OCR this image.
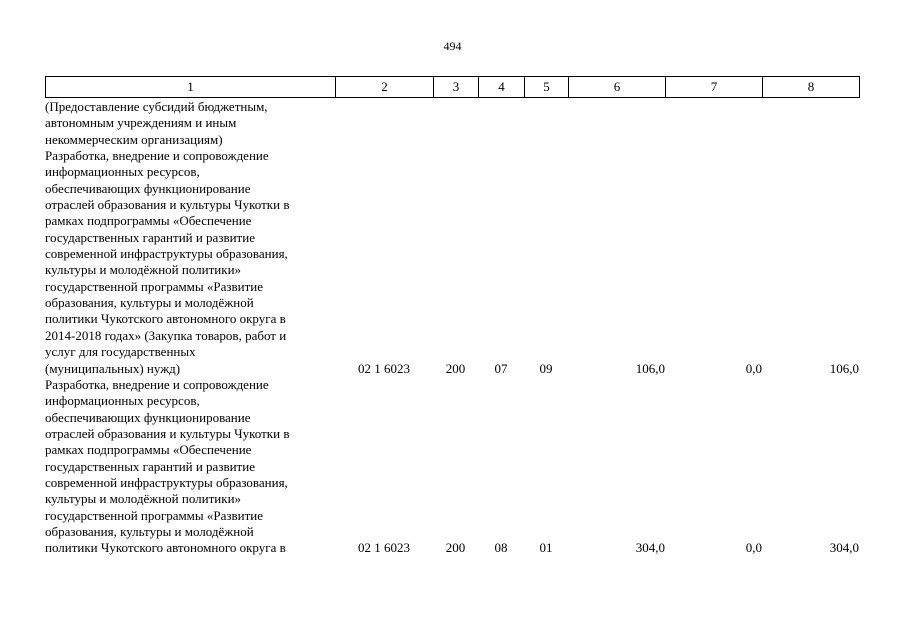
494
1	2	3	4	5	6	7	8
(Предоставление субсидий бюджетным,
автономным учреждениям и иным
некоммерческим организациям)
Разработка, внедрение и сопровождение
информационных ресурсов,
обеспечивающих функционирование
отраслей образования и культуры Чукотки в
рамках подпрограммы «Обеспечение
государственных гарантий и развитие
современной инфраструктуры образования,
культуры и молодёжной политики»
государственной программы «Развитие
образования, культуры и молодёжной
политики Чукотского автономного округа в
2014-2018 годах» (Закупка товаров, работ и
услуг для государственных
(муниципальных) нужд)	02 1 6023	200	07	09	106,0	0,0	106,0
Разработка, внедрение и сопровождение
информационных ресурсов,
обеспечивающих функционирование
отраслей образования и культуры Чукотки в
рамках подпрограммы «Обеспечение
государственных гарантий и развитие
современной инфраструктуры образования,
культуры и молодёжной политики»
государственной программы «Развитие
образования, культуры и молодёжной
политики Чукотского автономного округа в	02 1 6023	200	08	01	304,0	0,0	304,0
